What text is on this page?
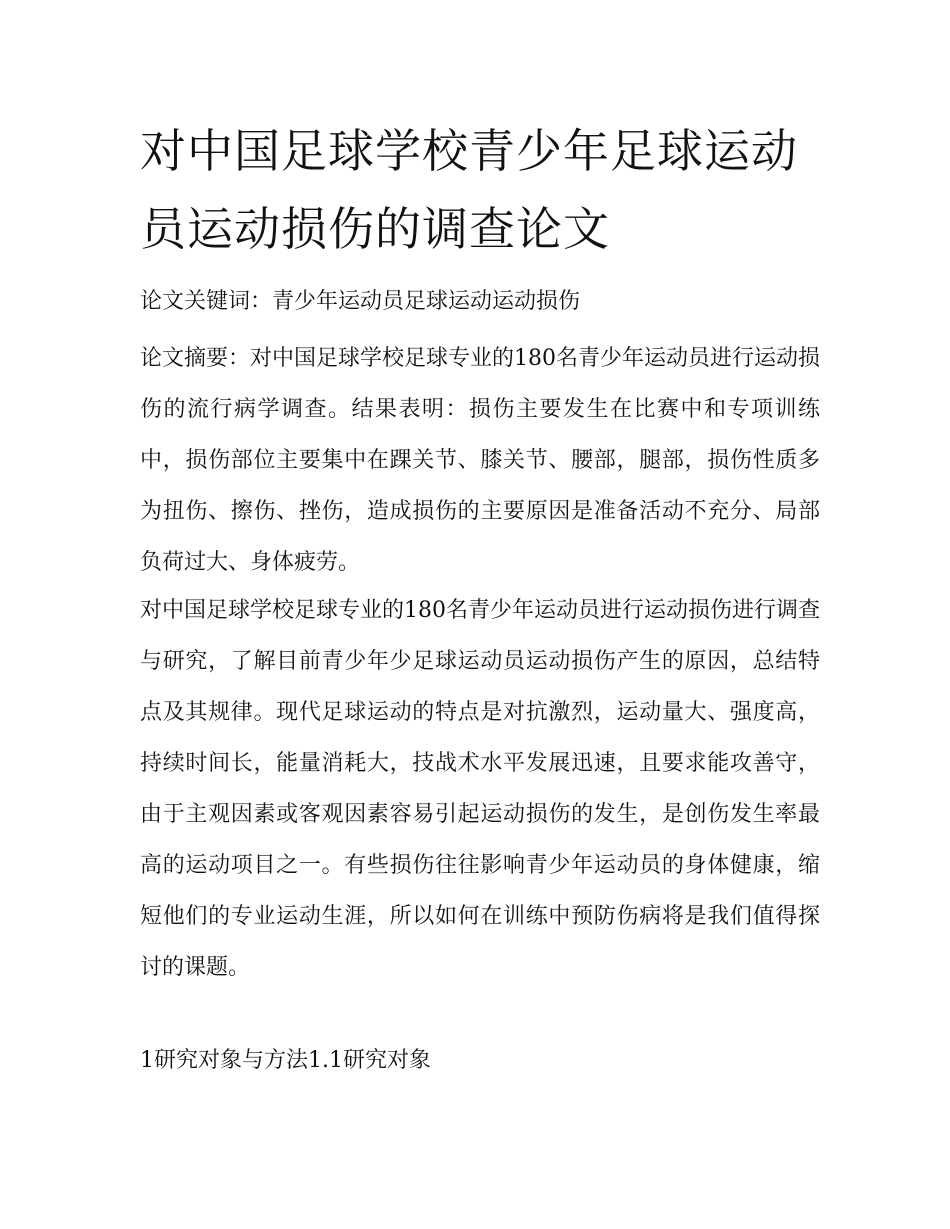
对中国足球学校青少年足球运动员运动损伤的调查论文

论文关键词：青少年运动员足球运动运动损伤

论文摘要：对中国足球学校足球专业的180名青少年运动员进行运动损伤的流行病学调查。结果表明：损伤主要发生在比赛中和专项训练中，损伤部位主要集中在踝关节、膝关节、腰部，腿部，损伤性质多为扭伤、擦伤、挫伤，造成损伤的主要原因是准备活动不充分、局部负荷过大、身体疲劳。

对中国足球学校足球专业的180名青少年运动员进行运动损伤进行调查与研究，了解目前青少年少足球运动员运动损伤产生的原因，总结特点及其规律。现代足球运动的特点是对抗激烈，运动量大、强度高，持续时间长，能量消耗大，技战术水平发展迅速，且要求能攻善守，由于主观因素或客观因素容易引起运动损伤的发生，是创伤发生率最高的运动项目之一。有些损伤往往影响青少年运动员的身体健康，缩短他们的专业运动生涯，所以如何在训练中预防伤病将是我们值得探讨的课题。

1研究对象与方法1.1研究对象
